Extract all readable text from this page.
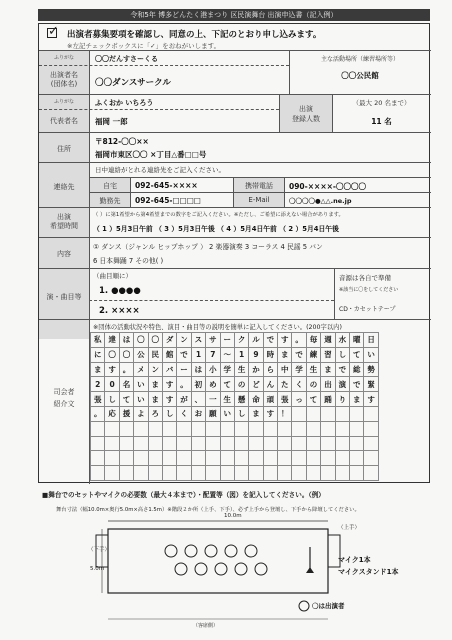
令和5年 博多どんたく港まつり 区民演舞台 出演申込書（記入例）
✓ 出演者募集要項を確認し、同意の上、下記のとおり申し込みます。
※左記チェックボックスに「✓」をおねがいします。
ふりがな	〇〇だんすさーくる
出演者名
(団体名)	〇〇ダンスサークル
主な活動場所（練習場所等）
〇〇公民館
ふりがな	ふくおか いちろう
代表者名	福岡 一郎
出演
登録人数
（最大 20 名まで）
11 名
住所
〒812-〇〇××
福岡市東区〇〇 ×丁目△番□□号
連絡先
日中連絡がとれる連絡先をご記入ください。
自宅	092-645-××××	携帯電話	090-××××-〇〇〇〇
勤務先	092-645-□□□□	E-Mail	〇〇〇〇●△△.ne.jp
出演
希望時間
（ ）に第1希望から第4希望までの数字をご記入ください。※ただし、ご希望に添えない場合があります。
（ 1 ）5月3日午前 （ 3 ）5月3日午後 （ 4 ）5月4日午前 （ 2 ）5月4日午後
内容
① ダンス（ジャンル ヒップホップ ） 2 楽器演奏 3 コーラス 4 民謡 5 バン
6 日本舞踊 7 その他( )
演・曲目等
（曲目順に）
1. ●●●●
2. ××××
音源は各自で準備
※該当に〇をしてください
CD・カセットテープ
司会者
紹介文
※団体の活動状況や特色、演目・曲目等の説明を簡単に記入してください。(200字以内)
私	達	は	〇	〇	ダ	ン	ス	サ	ー	ク	ル	で	す	。	毎	週	水	曜	日
に	〇	〇	公	民	館	で	1	7	～	1	9	時	ま	で	練	習	し	て	い
ま	す	。	メ	ン	バ	ー	は	小	学	生	か	ら	中	学	生	ま	で	総	勢
2	0	名	い	ま	す	。	初	め	て	の	ど	ん	た	く	の	出	演	で	緊
張	し	て	い	ま	す	が	、	一	生	懸	命	頑	張	っ	て	踊	り	ま	す
。	応	援	よ	ろ	し	く	お	願	い	し	ま	す	！						

■舞台でのセットやマイクの必要数（最大４本まで）・配置等（図）を記入してください。（例）
舞台寸法（幅10.0m×奥行5.0m×高さ1.5m）※階段２か所（上手、下手）、必ず上手から登壇し、下手から降壇してください。
10.0m
（下手）
（上手）
5.0m
マイク1本
マイクスタンド1本
〇は出演者
（客席側）
